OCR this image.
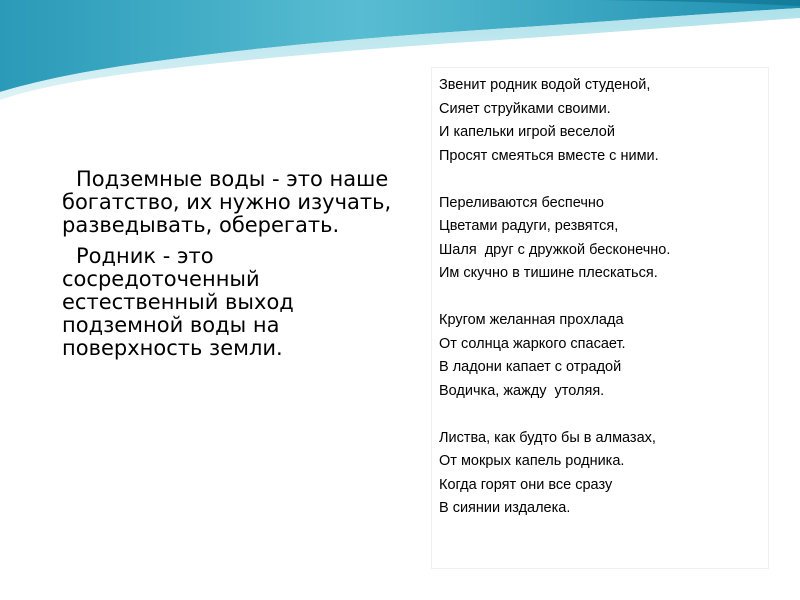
Подземные воды - это наше богатство, их нужно изучать, разведывать, оберегать.

Родник - это сосредоточенный естественный выход подземной воды на поверхность земли.

Звенит родник водой студеной,
Сияет струйками своими.
И капельки игрой веселой
Просят смеяться вместе с ними.
Переливаются беспечно
Цветами радуги, резвятся,
Шаля  друг с дружкой бесконечно.
Им скучно в тишине плескаться.
Кругом желанная прохлада
От солнца жаркого спасает.
В ладони капает с отрадой
Водичка, жажду  утоляя.
Листва, как будто бы в алмазах,
От мокрых капель родника.
Когда горят они все сразу
В сиянии издалека.
